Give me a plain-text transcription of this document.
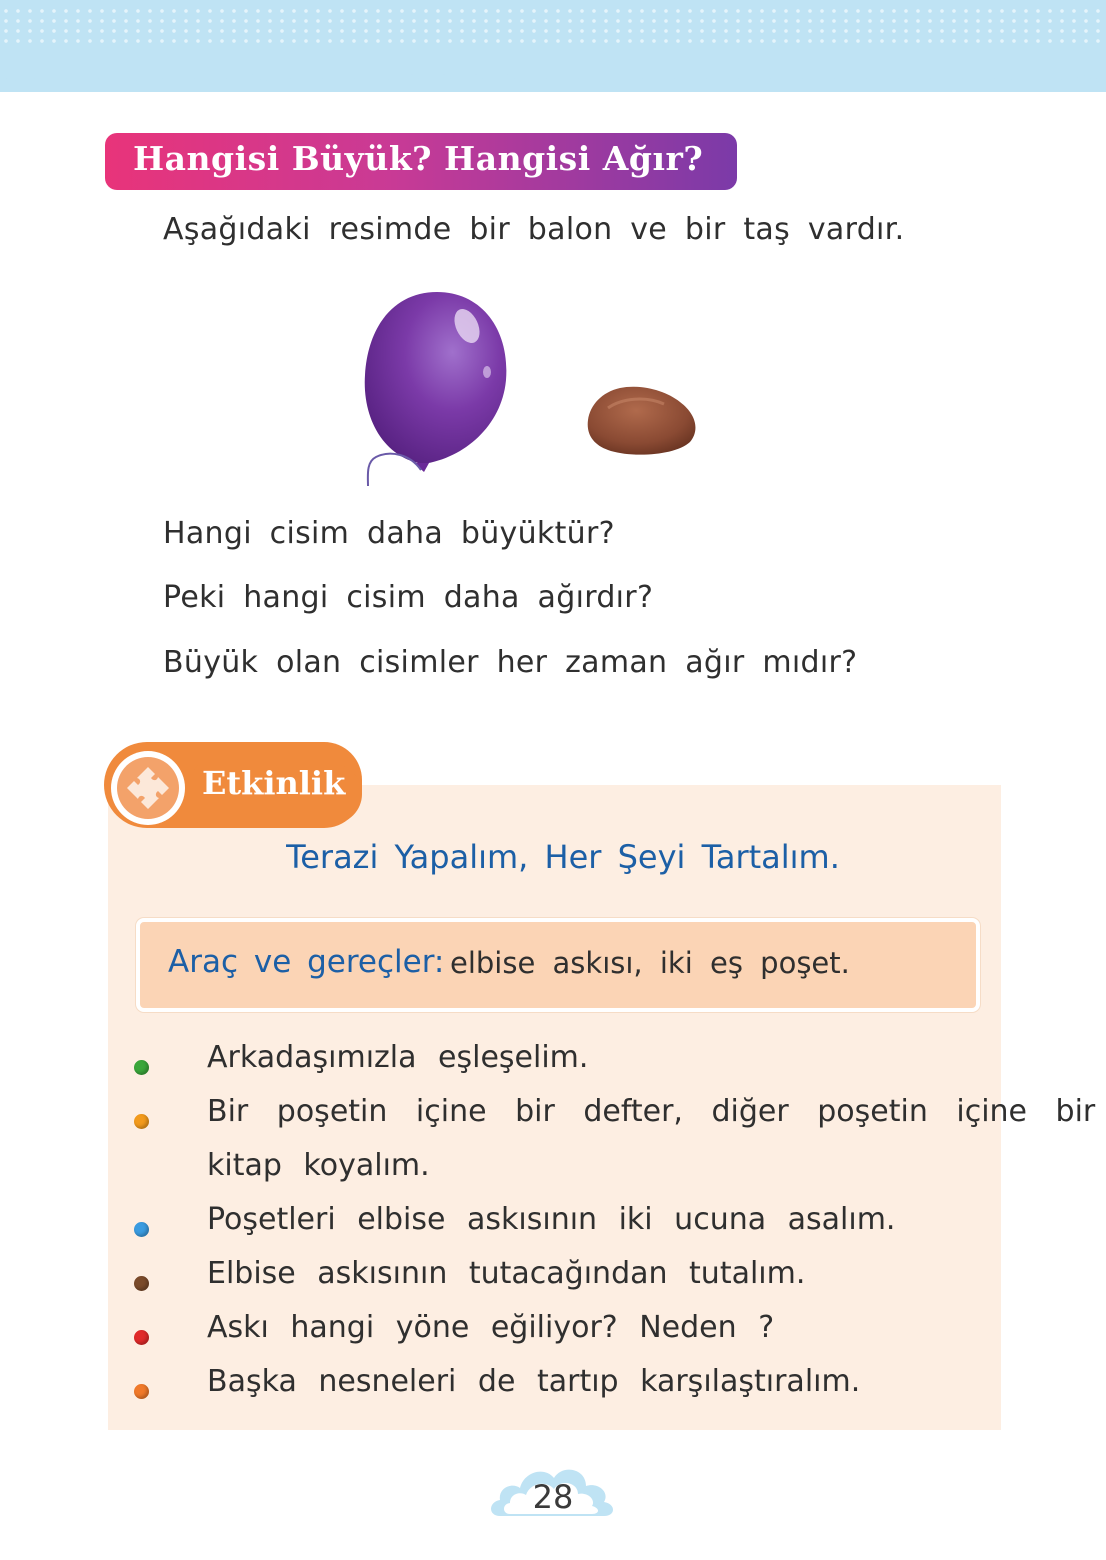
Hangisi Büyük? Hangisi Ağır?
Aşağıdaki resimde bir balon ve bir taş vardır.
Hangi cisim daha büyüktür?
Peki hangi cisim daha ağırdır?
Büyük olan cisimler her zaman ağır mıdır?
Etkinlik
Terazi Yapalım, Her Şeyi Tartalım.
Araç ve gereçler: elbise askısı, iki eş poşet.
Arkadaşımızla eşleşelim.
Bir poşetin içine bir defter, diğer poşetin içine bir
kitap koyalım.
Poşetleri elbise askısının iki ucuna asalım.
Elbise askısının tutacağından tutalım.
Askı hangi yöne eğiliyor? Neden ?
Başka nesneleri de tartıp karşılaştıralım.
28
